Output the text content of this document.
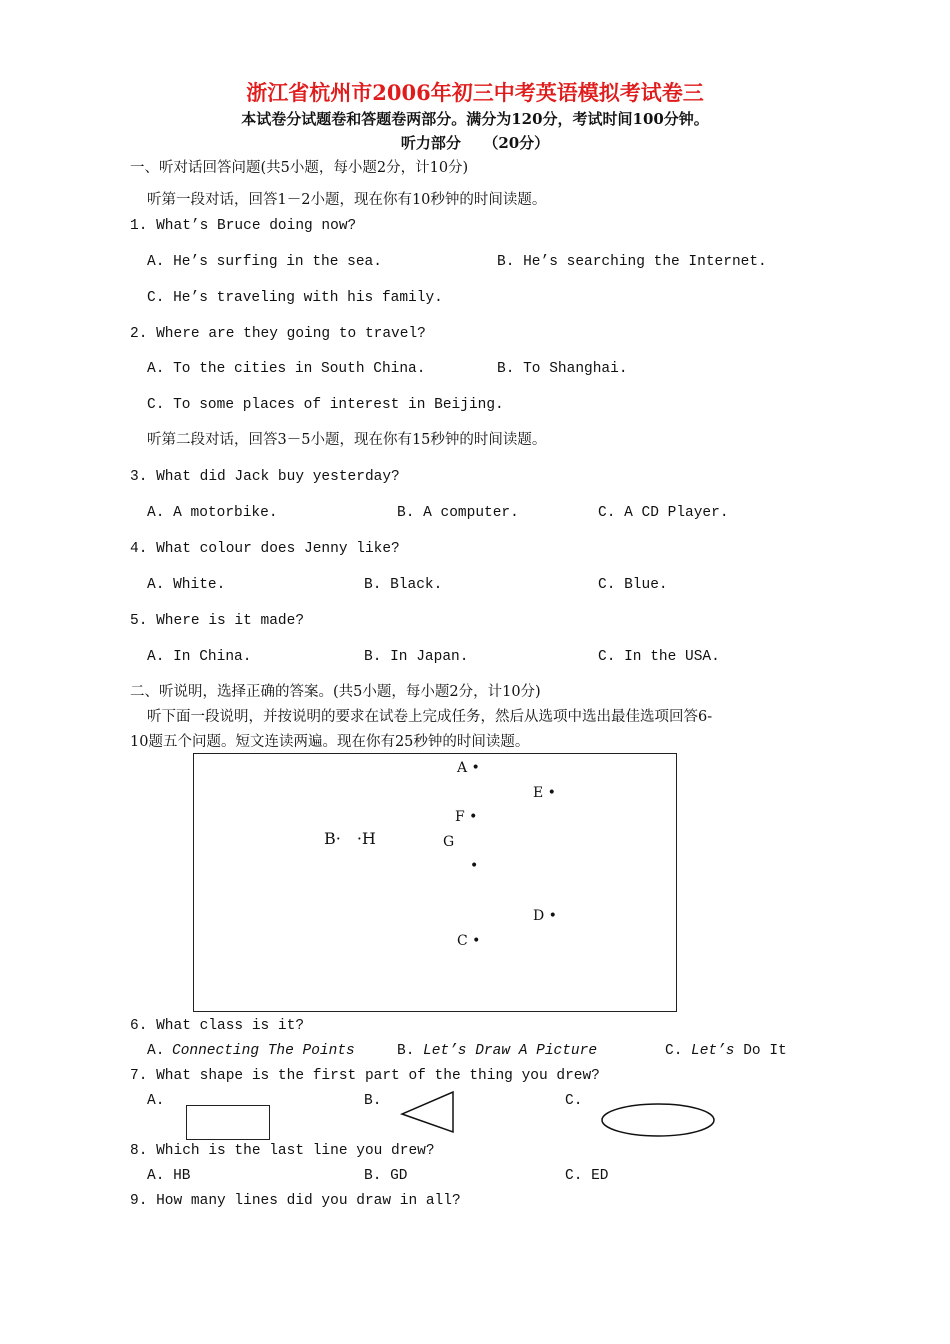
浙江省杭州市2006年初三中考英语模拟考试卷三
本试卷分试题卷和答题卷两部分。满分为120分，考试时间100分钟。
听力部分　　（20分）
一、听对话回答问题(共5小题，每小题2分，计10分)
听第一段对话，回答1－2小题，现在你有10秒钟的时间读题。
1. What’s Bruce doing now?
A. He’s surfing in the sea.	B. He’s searching the Internet.
C. He’s traveling with his family.
2. Where are they going to travel?
A. To the cities in South China.	B. To Shanghai.
C. To some places of interest in Beijing.
听第二段对话，回答3－5小题，现在你有15秒钟的时间读题。
3. What did Jack buy yesterday?
A. A motorbike.	B. A computer.	C. A CD Player.
4. What colour does Jenny like?
A. White.	B. Black.	C. Blue.
5. Where is it made?
A. In China.	B. In Japan.	C. In the USA.
二、听说明，选择正确的答案。(共5小题，每小题2分，计10分)
听下面一段说明，并按说明的要求在试卷上完成任务，然后从选项中选出最佳选项回答6-
10题五个问题。短文连读两遍。现在你有25秒钟的时间读题。
A •
E •
F •
G
B·　·H
•
D •
C •
6. What class is it?
A. Connecting The Points	B. Let’s Draw A Picture	C. Let’s Do It
7. What shape is the first part of the thing you drew?
A.	B.	C.
8. Which is the last line you drew?
A. HB	B. GD	C. ED
9. How many lines did you draw in all?
